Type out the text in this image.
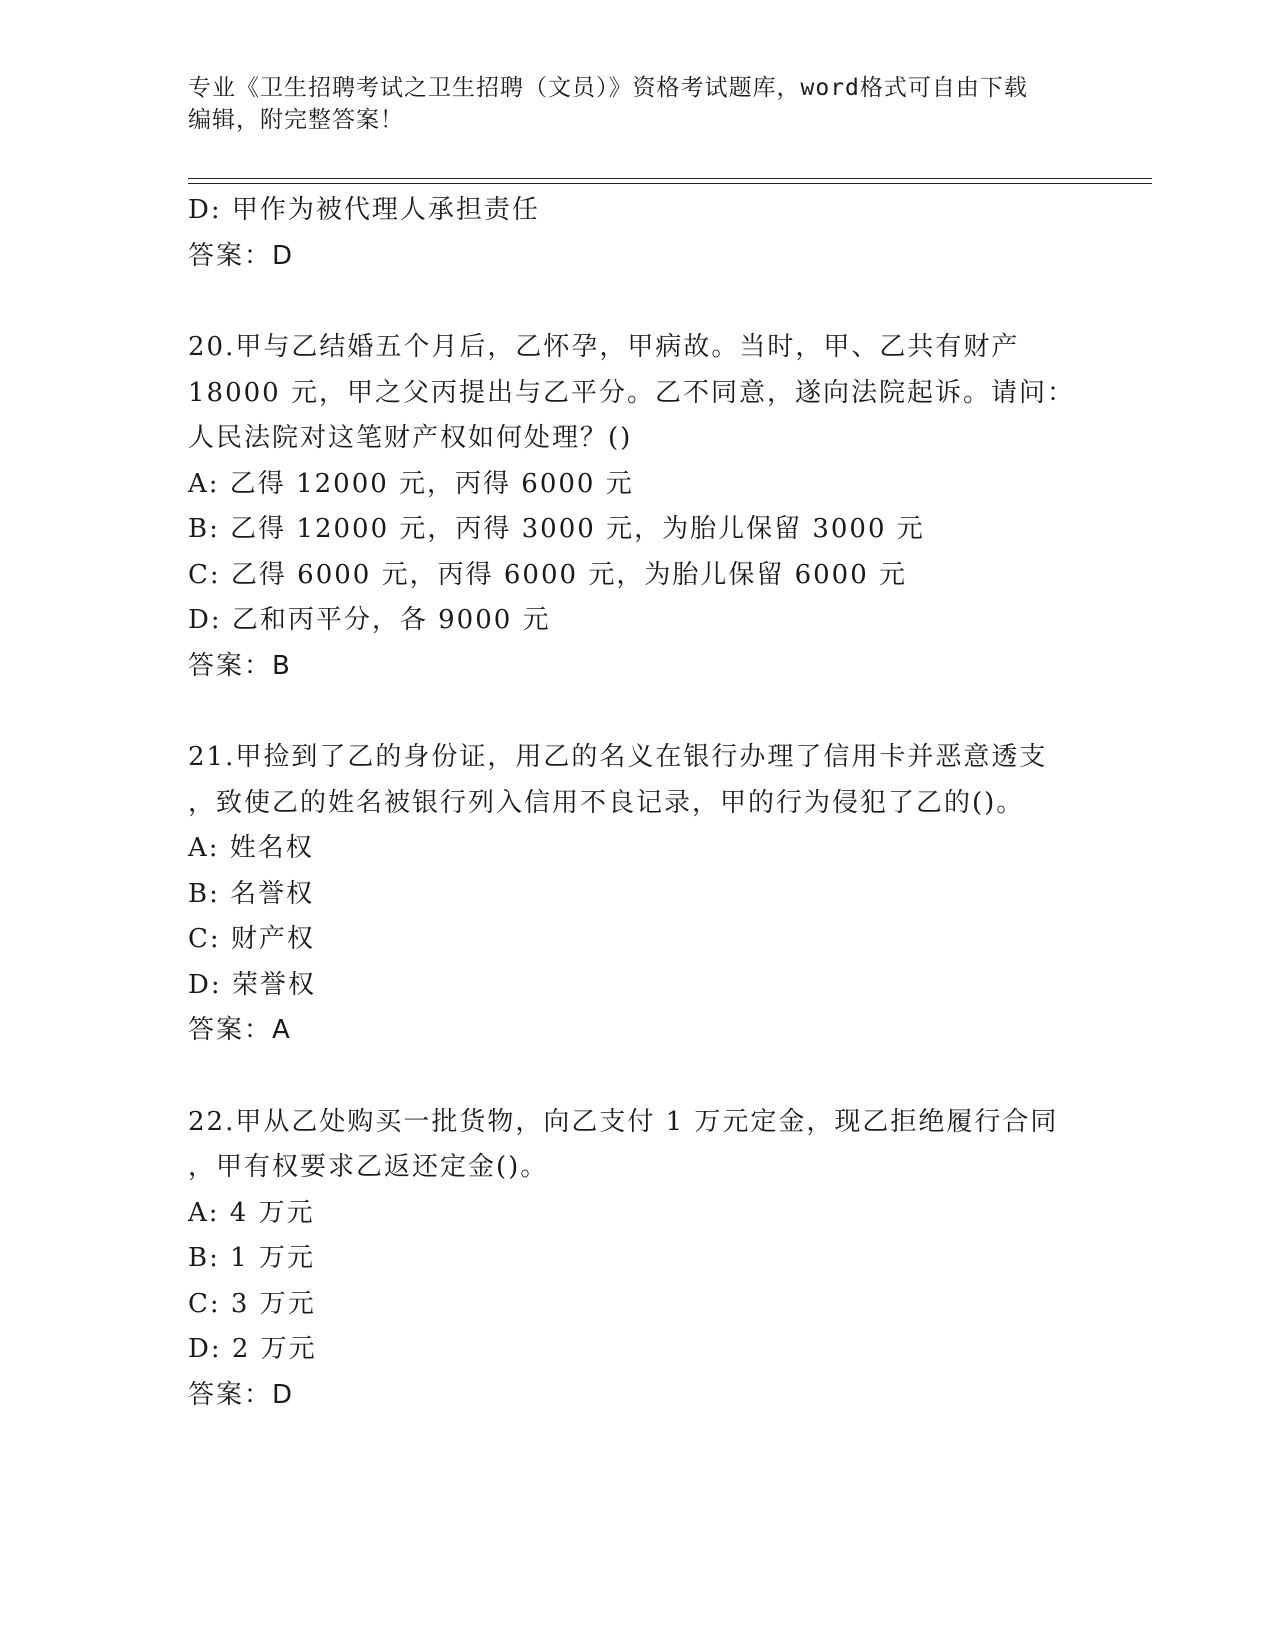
专业《卫生招聘考试之卫生招聘（文员）》资格考试题库，word格式可自由下载
编辑，附完整答案！
D: 甲作为被代理人承担责任
答案：D
20.甲与乙结婚五个月后，乙怀孕，甲病故。当时，甲、乙共有财产
18000 元，甲之父丙提出与乙平分。乙不同意，遂向法院起诉。请问：
人民法院对这笔财产权如何处理？()
A: 乙得 12000 元，丙得 6000 元
B: 乙得 12000 元，丙得 3000 元，为胎儿保留 3000 元
C: 乙得 6000 元，丙得 6000 元，为胎儿保留 6000 元
D: 乙和丙平分，各 9000 元
答案：B
21.甲捡到了乙的身份证，用乙的名义在银行办理了信用卡并恶意透支
，致使乙的姓名被银行列入信用不良记录，甲的行为侵犯了乙的()。
A: 姓名权
B: 名誉权
C: 财产权
D: 荣誉权
答案：A
22.甲从乙处购买一批货物，向乙支付 1 万元定金，现乙拒绝履行合同
，甲有权要求乙返还定金()。
A: 4 万元
B: 1 万元
C: 3 万元
D: 2 万元
答案：D
